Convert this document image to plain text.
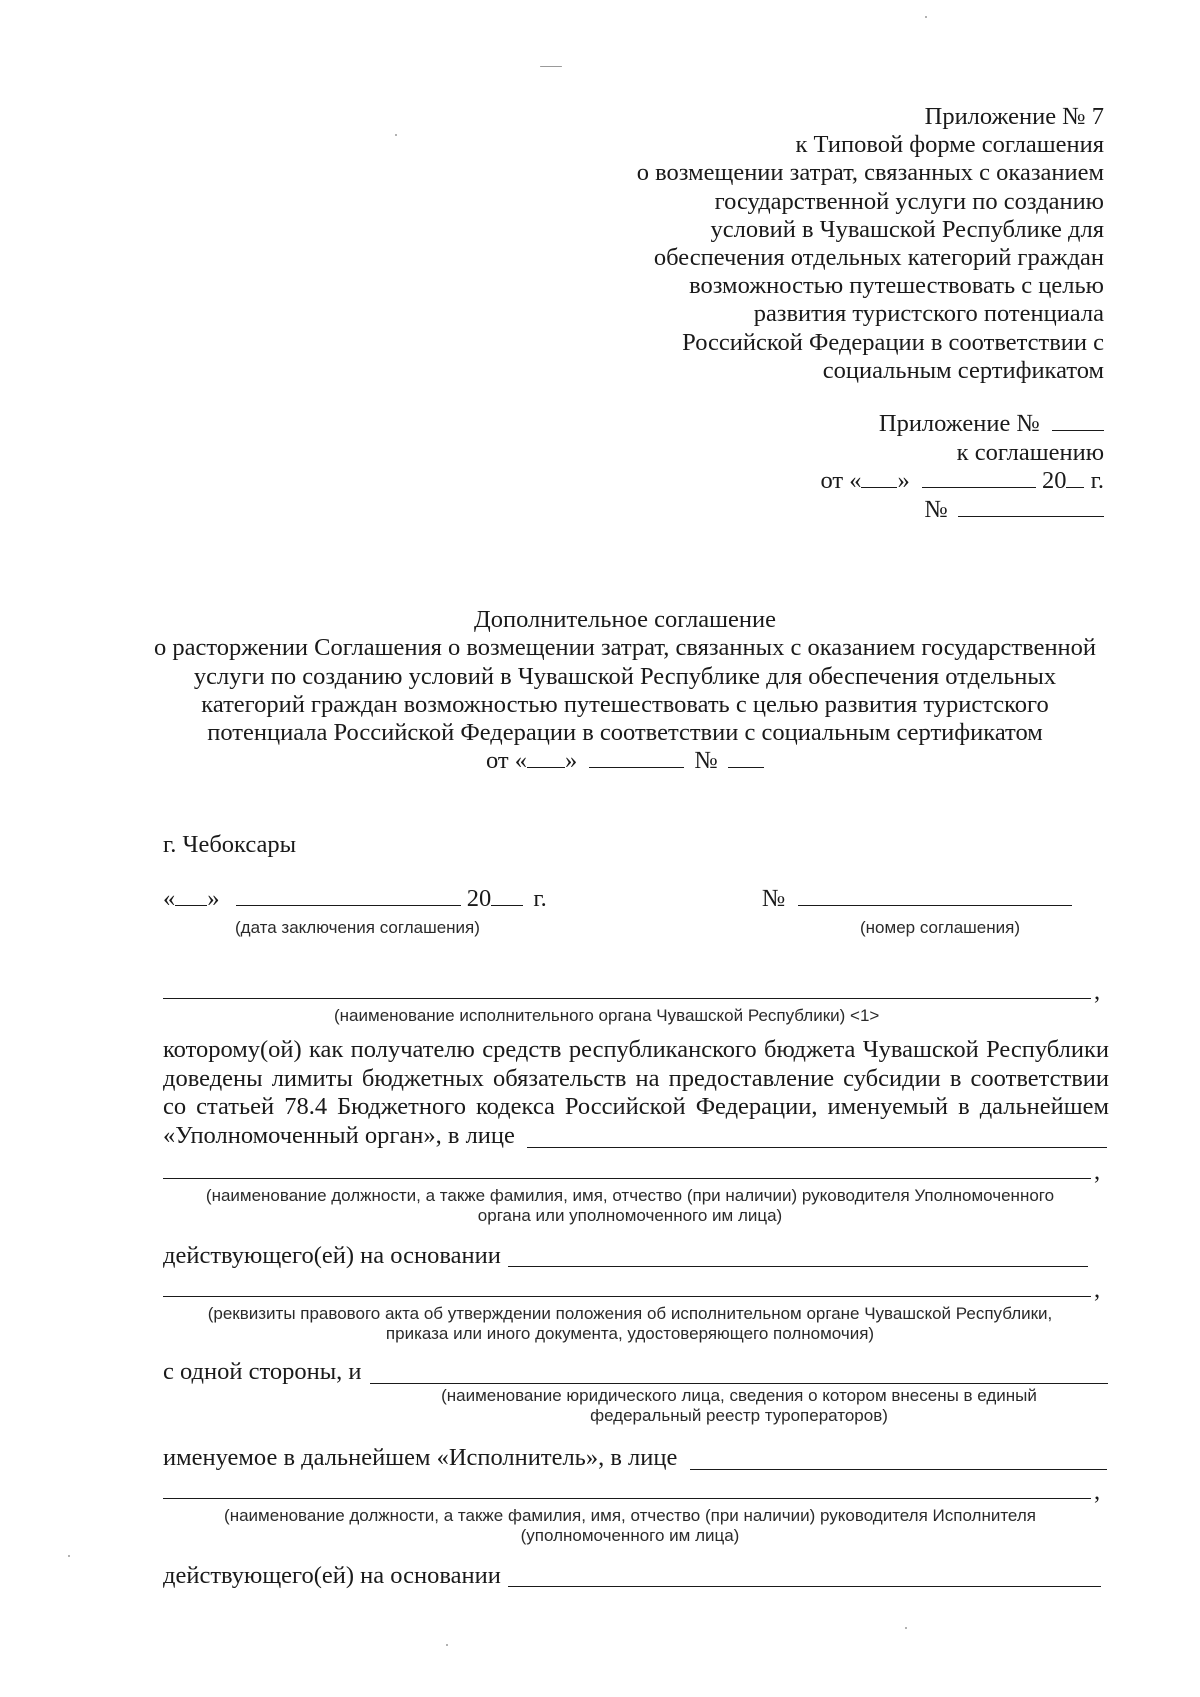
Приложение № 7
к Типовой форме соглашения
о возмещении затрат, связанных с оказанием
государственной услуги по созданию
условий в Чувашской Республике для
обеспечения отдельных категорий граждан
возможностью путешествовать с целью
развития туристского потенциала
Российской Федерации в соответствии с
социальным сертификатом
Приложение №
к соглашению
от « »	20 г.
№
Дополнительное соглашение
о расторжении Соглашения о возмещении затрат, связанных с оказанием государственной
услуги по созданию условий в Чувашской Республике для обеспечения отдельных
категорий граждан возможностью путешествовать с целью развития туристского
потенциала Российской Федерации в соответствии с социальным сертификатом
от « »	№
г. Чебоксары
« »	20 г.
(дата заключения соглашения)
№
(номер соглашения)
,
(наименование исполнительного органа Чувашской Республики) <1>
которому(ой) как получателю средств республиканского бюджета Чувашской Республики
доведены лимиты бюджетных обязательств на предоставление субсидии в соответствии
со статьей 78.4 Бюджетного кодекса Российской Федерации, именуемый в дальнейшем
«Уполномоченный орган», в лице
,
(наименование должности, а также фамилия, имя, отчество (при наличии) руководителя Уполномоченного
органа или уполномоченного им лица)
действующего(ей) на основании
,
(реквизиты правового акта об утверждении положения об исполнительном органе Чувашской Республики,
приказа или иного документа, удостоверяющего полномочия)
с одной стороны, и
(наименование юридического лица, сведения о котором внесены в единый
федеральный реестр туроператоров)
именуемое в дальнейшем «Исполнитель», в лице
,
(наименование должности, а также фамилия, имя, отчество (при наличии) руководителя Исполнителя
(уполномоченного им лица)
действующего(ей) на основании
